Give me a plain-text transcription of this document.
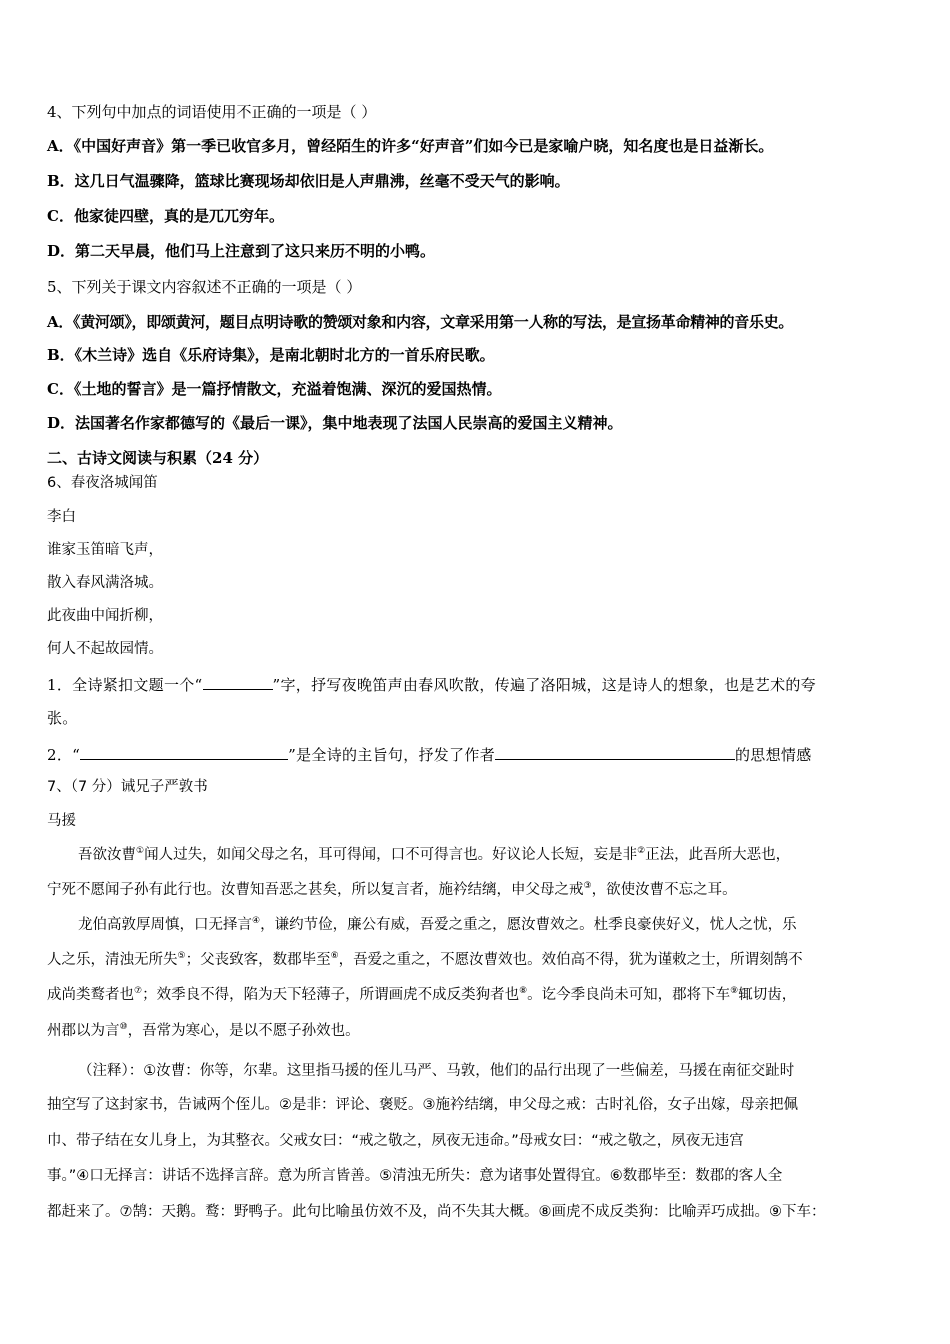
4、下列句中加点的词语使用不正确的一项是（ ）
A．《中国好声音》第一季已收官多月，曾经陌生的许多“好声音”们如今已是家喻户晓，知名度也是日益渐长。
B．这几日气温骤降，篮球比赛现场却依旧是人声鼎沸，丝毫不受天气的影响。
C．他家徒四壁，真的是兀兀穷年。
D．第二天早晨，他们马上注意到了这只来历不明的小鸭。
5、下列关于课文内容叙述不正确的一项是（ ）
A．《黄河颂》，即颂黄河，题目点明诗歌的赞颂对象和内容，文章采用第一人称的写法，是宣扬革命精神的音乐史。
B．《木兰诗》选自《乐府诗集》，是南北朝时北方的一首乐府民歌。
C．《土地的誓言》是一篇抒情散文，充溢着饱满、深沉的爱国热情。
D．法国著名作家都德写的《最后一课》，集中地表现了法国人民崇高的爱国主义精神。
二、古诗文阅读与积累（24 分）
6、春夜洛城闻笛
李白
谁家玉笛暗飞声，
散入春风满洛城。
此夜曲中闻折柳，
何人不起故园情。
1．全诗紧扣文题一个“	”字，抒写夜晚笛声由春风吹散，传遍了洛阳城，这是诗人的想象，也是艺术的夸
张。
2．“	”是全诗的主旨句，抒发了作者	的思想情感
7、（7 分）诫兄子严敦书
马援
吾欲汝曹①闻人过失，如闻父母之名，耳可得闻，口不可得言也。好议论人长短，妄是非②正法，此吾所大恶也，
宁死不愿闻子孙有此行也。汝曹知吾恶之甚矣，所以复言者，施衿结缡，申父母之戒③，欲使汝曹不忘之耳。
龙伯高敦厚周慎，口无择言④，谦约节俭，廉公有威，吾爱之重之，愿汝曹效之。杜季良豪侠好义，忧人之忧，乐
人之乐，清浊无所失⑤；父丧致客，数郡毕至⑥，吾爱之重之，不愿汝曹效也。效伯高不得，犹为谨敕之士，所谓刻鹄不
成尚类鹜者也⑦；效季良不得，陷为天下轻薄子，所谓画虎不成反类狗者也⑧。讫今季良尚未可知，郡将下车⑨辄切齿，
州郡以为言⑩，吾常为寒心，是以不愿子孙效也。
（注释）：①汝曹：你等，尔辈。这里指马援的侄儿马严、马敦，他们的品行出现了一些偏差，马援在南征交趾时
抽空写了这封家书，告诫两个侄儿。②是非：评论、褒贬。③施衿结缡，申父母之戒：古时礼俗，女子出嫁，母亲把佩
巾、带子结在女儿身上，为其整衣。父戒女曰：“戒之敬之，夙夜无违命。”母戒女曰：“戒之敬之，夙夜无违宫
事。”④口无择言：讲话不选择言辞。意为所言皆善。⑤清浊无所失：意为诸事处置得宜。⑥数郡毕至：数郡的客人全
都赶来了。⑦鹄：天鹅。鹜：野鸭子。此句比喻虽仿效不及，尚不失其大概。⑧画虎不成反类狗：比喻弄巧成拙。⑨下车：
